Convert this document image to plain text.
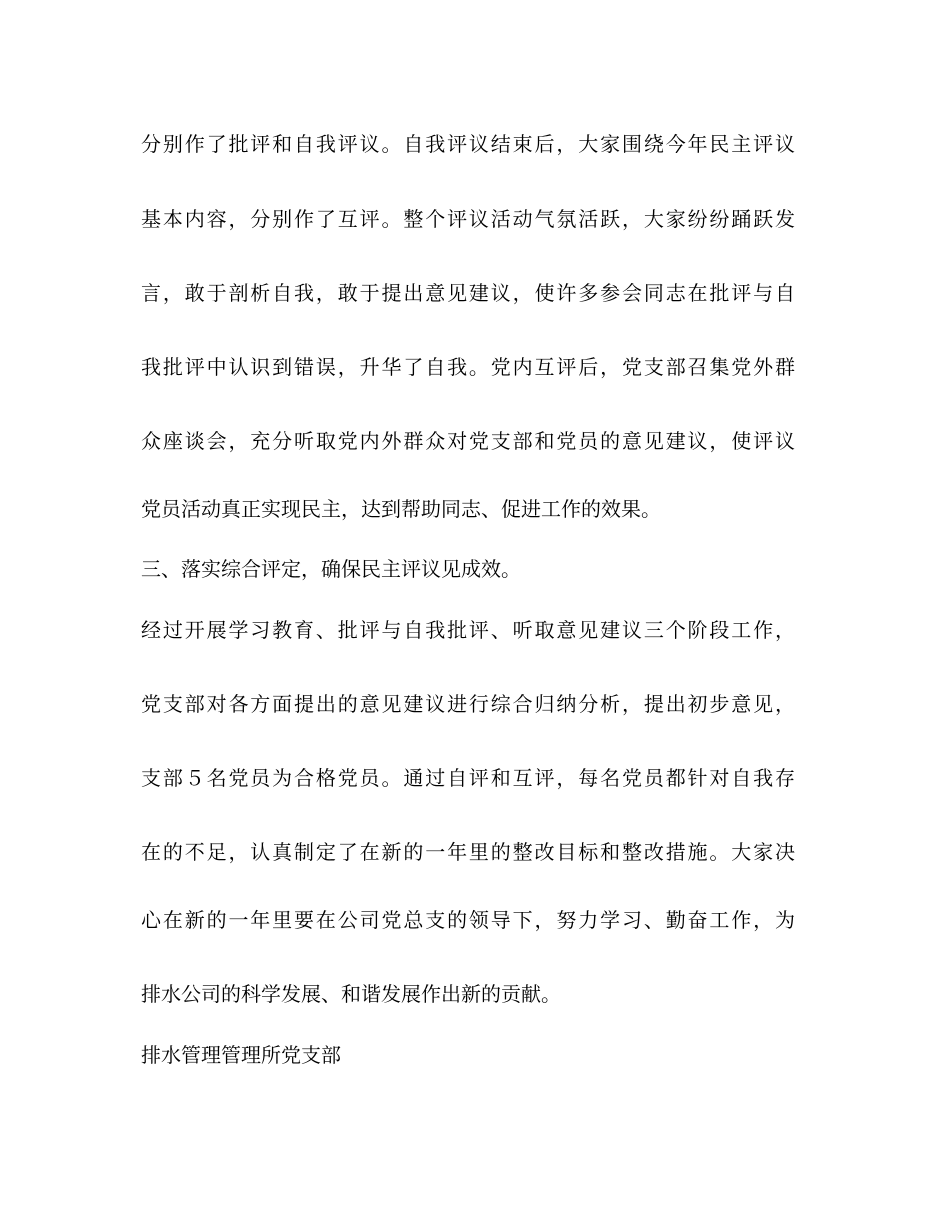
分别作了批评和自我评议。自我评议结束后，大家围绕今年民主评议
基本内容，分别作了互评。整个评议活动气氛活跃，大家纷纷踊跃发
言，敢于剖析自我，敢于提出意见建议，使许多参会同志在批评与自
我批评中认识到错误，升华了自我。党内互评后，党支部召集党外群
众座谈会，充分听取党内外群众对党支部和党员的意见建议，使评议
党员活动真正实现民主，达到帮助同志、促进工作的效果。
三、落实综合评定，确保民主评议见成效。
经过开展学习教育、批评与自我批评、听取意见建议三个阶段工作，
党支部对各方面提出的意见建议进行综合归纳分析，提出初步意见，
支部５名党员为合格党员。通过自评和互评，每名党员都针对自我存
在的不足，认真制定了在新的一年里的整改目标和整改措施。大家决
心在新的一年里要在公司党总支的领导下，努力学习、勤奋工作，为
排水公司的科学发展、和谐发展作出新的贡献。
排水管理管理所党支部
